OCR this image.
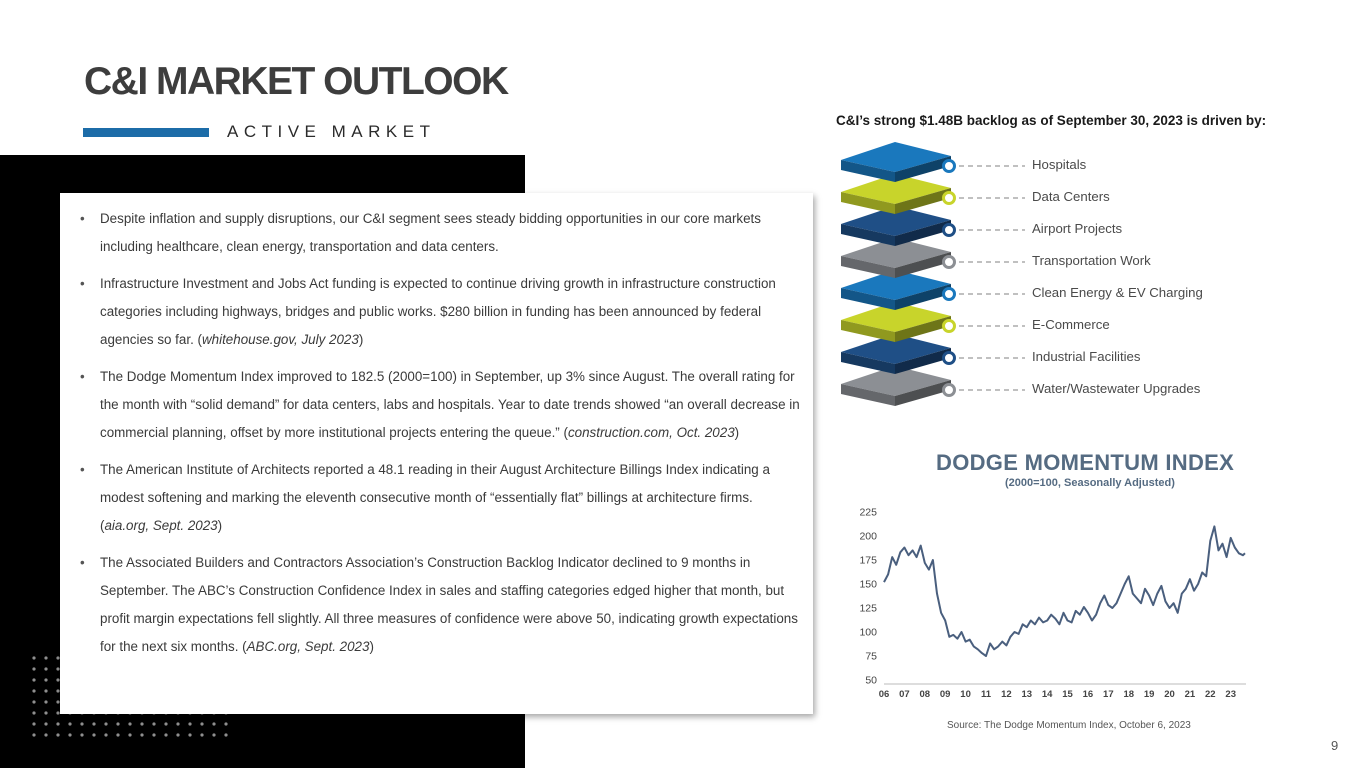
C&I MARKET OUTLOOK
ACTIVE MARKET
• Despite inflation and supply disruptions, our C&I segment sees steady bidding opportunities in our core markets including healthcare, clean energy, transportation and data centers.
• Infrastructure Investment and Jobs Act funding is expected to continue driving growth in infrastructure construction categories including highways, bridges and public works. $280 billion in funding has been announced by federal agencies so far. (whitehouse.gov, July 2023)
• The Dodge Momentum Index improved to 182.5 (2000=100) in September, up 3% since August. The overall rating for the month with “solid demand” for data centers, labs and hospitals. Year to date trends showed “an overall decrease in commercial planning, offset by more institutional projects entering the queue.” (construction.com, Oct. 2023)
• The American Institute of Architects reported a 48.1 reading in their August Architecture Billings Index indicating a modest softening and marking the eleventh consecutive month of “essentially flat” billings at architecture firms. (aia.org, Sept. 2023)
• The Associated Builders and Contractors Association’s Construction Backlog Indicator declined to 9 months in September. The ABC’s Construction Confidence Index in sales and staffing categories edged higher that month, but profit margin expectations fell slightly. All three measures of confidence were above 50, indicating growth expectations for the next six months. (ABC.org, Sept. 2023)
C&I’s strong $1.48B backlog as of September 30, 2023 is driven by:
Water/Wastewater Upgrades
Industrial Facilities
E-Commerce
Clean Energy & EV Charging
Transportation Work
Airport Projects
Data Centers
Hospitals
DODGE MOMENTUM INDEX
(2000=100, Seasonally Adjusted)
50
75
100
125
150
175
200
225
06 07 08 09 10 11 12 13 14 15 16 17 18 19 20 21 22 23
Source: The Dodge Momentum Index, October 6, 2023
9
